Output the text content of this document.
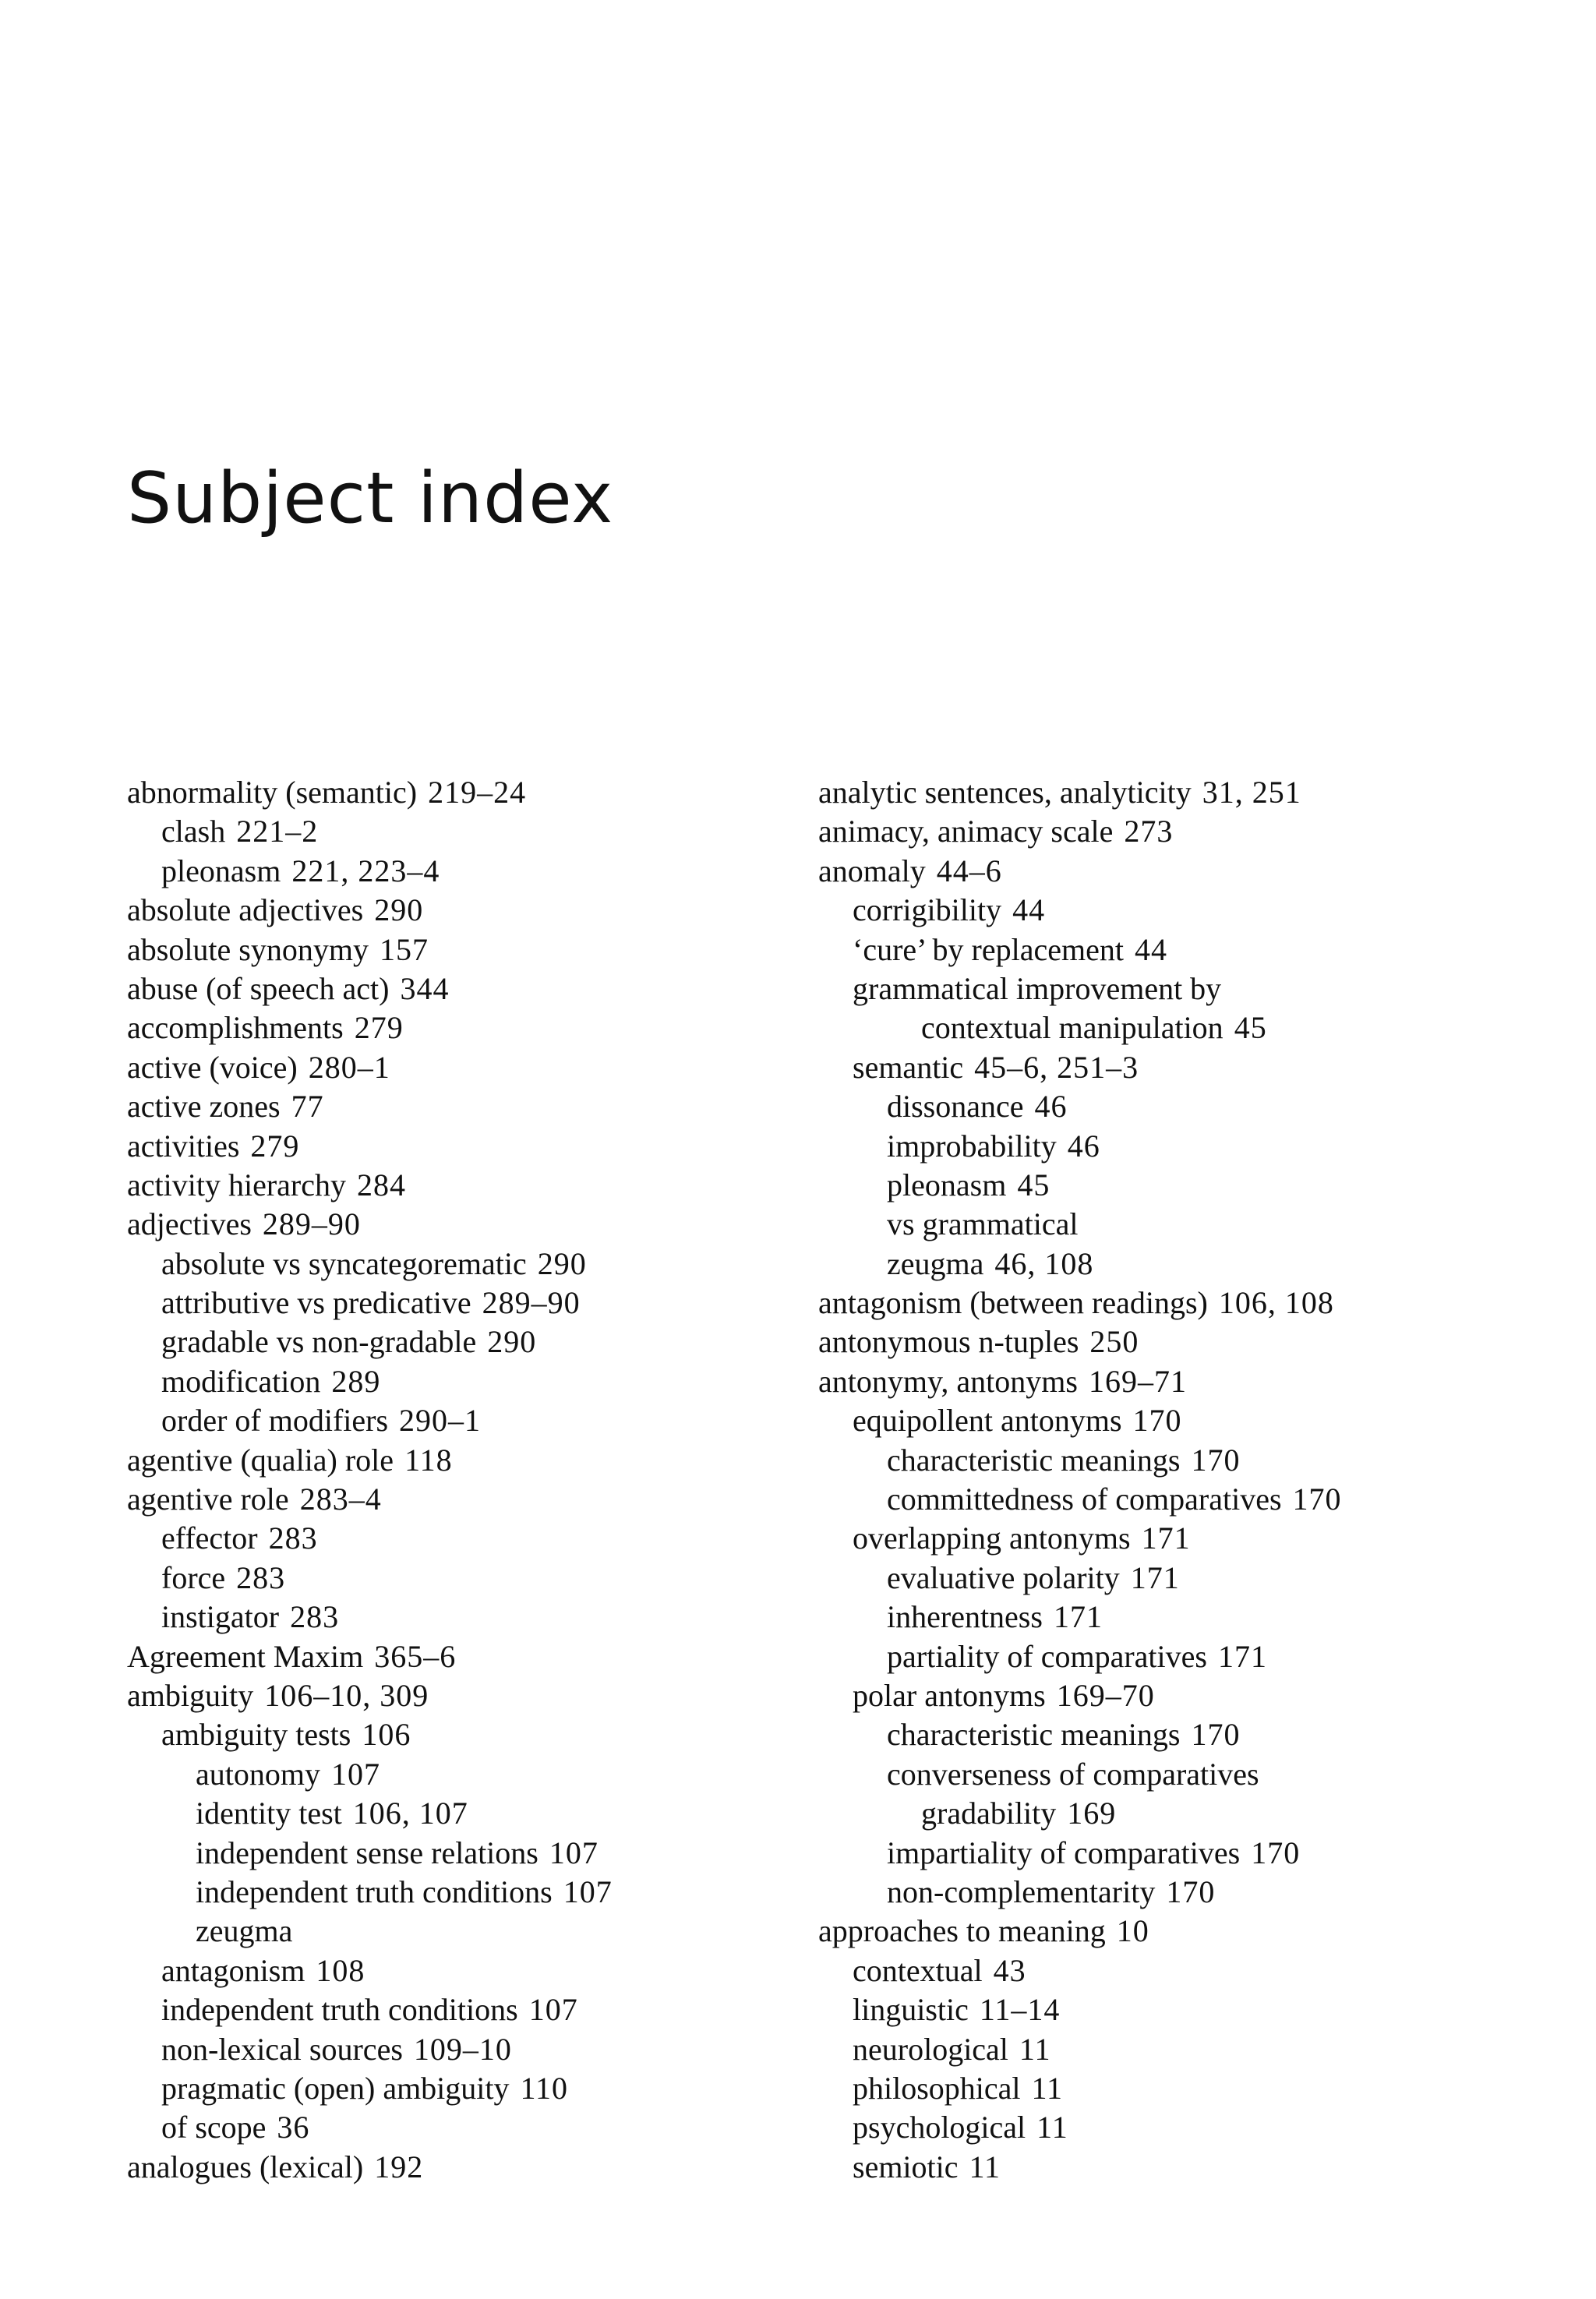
Subject index
abnormality (semantic) 219–24
clash 221–2
pleonasm 221, 223–4
absolute adjectives 290
absolute synonymy 157
abuse (of speech act) 344
accomplishments 279
active (voice) 280–1
active zones 77
activities 279
activity hierarchy 284
adjectives 289–90
absolute vs syncategorematic 290
attributive vs predicative 289–90
gradable vs non-gradable 290
modification 289
order of modifiers 290–1
agentive (qualia) role 118
agentive role 283–4
effector 283
force 283
instigator 283
Agreement Maxim 365–6
ambiguity 106–10, 309
ambiguity tests 106
autonomy 107
identity test 106, 107
independent sense relations 107
independent truth conditions 107
zeugma
antagonism 108
independent truth conditions 107
non-lexical sources 109–10
pragmatic (open) ambiguity 110
of scope 36
analogues (lexical) 192
analytic sentences, analyticity 31, 251
animacy, animacy scale 273
anomaly 44–6
corrigibility 44
‘cure’ by replacement 44
grammatical improvement by
contextual manipulation 45
semantic 45–6, 251–3
dissonance 46
improbability 46
pleonasm 45
vs grammatical
zeugma 46, 108
antagonism (between readings) 106, 108
antonymous n-tuples 250
antonymy, antonyms 169–71
equipollent antonyms 170
characteristic meanings 170
committedness of comparatives 170
overlapping antonyms 171
evaluative polarity 171
inherentness 171
partiality of comparatives 171
polar antonyms 169–70
characteristic meanings 170
converseness of comparatives
gradability 169
impartiality of comparatives 170
non-complementarity 170
approaches to meaning 10
contextual 43
linguistic 11–14
neurological 11
philosophical 11
psychological 11
semiotic 11
